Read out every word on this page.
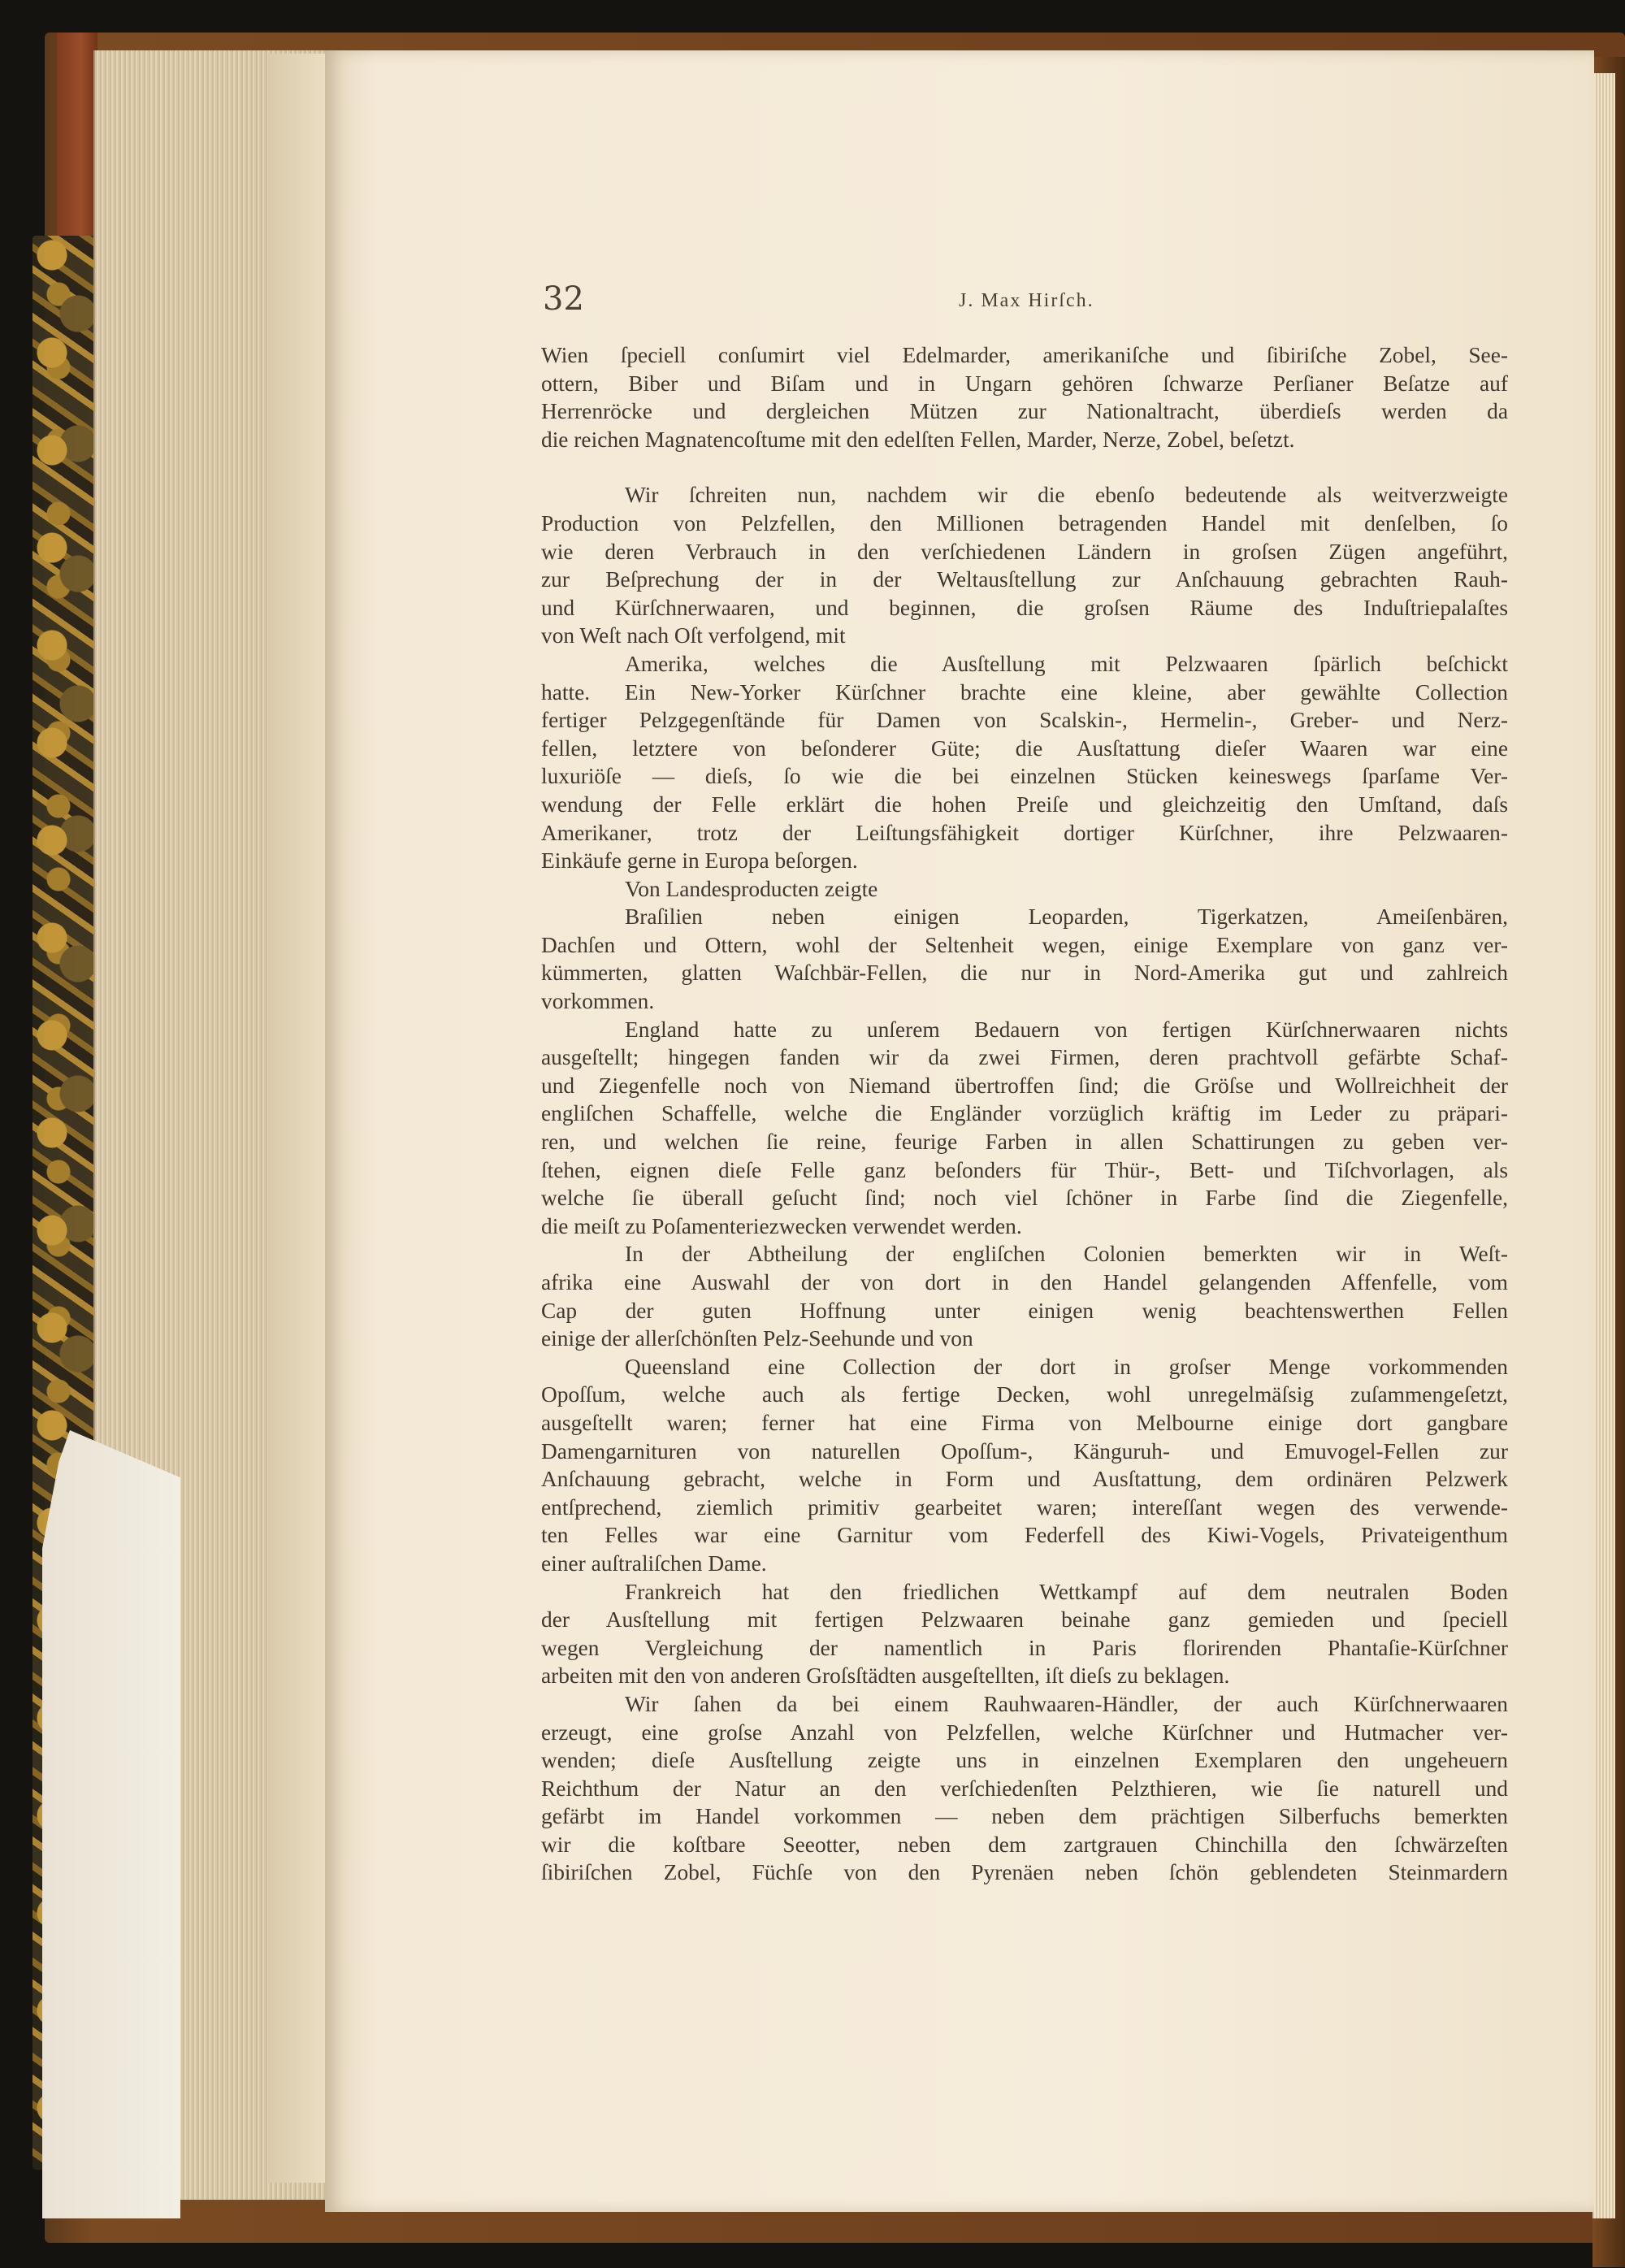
32	J. Max Hirſch.

Wien ſpeciell conſumirt viel Edelmarder, amerikaniſche und ſibiriſche Zobel, See-

ottern, Biber und Biſam und in Ungarn gehören ſchwarze Perſianer Beſatze auf

Herrenröcke und dergleichen Mützen zur Nationaltracht, überdieſs werden da

die reichen Magnatencoſtume mit den edelſten Fellen, Marder, Nerze, Zobel, beſetzt.

Wir ſchreiten nun, nachdem wir die ebenſo bedeutende als weitverzweigte

Production von Pelzfellen, den Millionen betragenden Handel mit denſelben, ſo

wie deren Verbrauch in den verſchiedenen Ländern in groſsen Zügen angeführt,

zur Beſprechung der in der Weltausſtellung zur Anſchauung gebrachten Rauh-

und Kürſchnerwaaren, und beginnen, die groſsen Räume des Induſtriepalaſtes

von Weſt nach Oſt verfolgend, mit

Amerika, welches die Ausſtellung mit Pelzwaaren ſpärlich beſchickt

hatte. Ein New-Yorker Kürſchner brachte eine kleine, aber gewählte Collection

fertiger Pelzgegenſtände für Damen von Scalskin-, Hermelin-, Greber- und Nerz-

fellen, letztere von beſonderer Güte; die Ausſtattung dieſer Waaren war eine

luxuriöſe — dieſs, ſo wie die bei einzelnen Stücken keineswegs ſparſame Ver-

wendung der Felle erklärt die hohen Preiſe und gleichzeitig den Umſtand, daſs

Amerikaner, trotz der Leiſtungsfähigkeit dortiger Kürſchner, ihre Pelzwaaren-

Einkäufe gerne in Europa beſorgen.

Von Landesproducten zeigte

Braſilien neben einigen Leoparden, Tigerkatzen, Ameiſenbären,

Dachſen und Ottern, wohl der Seltenheit wegen, einige Exemplare von ganz ver-

kümmerten, glatten Waſchbär-Fellen, die nur in Nord-Amerika gut und zahlreich

vorkommen.

England hatte zu unſerem Bedauern von fertigen Kürſchnerwaaren nichts

ausgeſtellt; hingegen fanden wir da zwei Firmen, deren prachtvoll gefärbte Schaf-

und Ziegenfelle noch von Niemand übertroffen ſind; die Gröſse und Wollreichheit der

engliſchen Schaffelle, welche die Engländer vorzüglich kräftig im Leder zu präpari-

ren, und welchen ſie reine, feurige Farben in allen Schattirungen zu geben ver-

ſtehen, eignen dieſe Felle ganz beſonders für Thür-, Bett- und Tiſchvorlagen, als

welche ſie überall geſucht ſind; noch viel ſchöner in Farbe ſind die Ziegenfelle,

die meiſt zu Poſamenteriezwecken verwendet werden.

In der Abtheilung der engliſchen Colonien bemerkten wir in Weſt-

afrika eine Auswahl der von dort in den Handel gelangenden Affenfelle, vom

Cap der guten Hoffnung unter einigen wenig beachtenswerthen Fellen

einige der allerſchönſten Pelz-Seehunde und von

Queensland eine Collection der dort in groſser Menge vorkommenden

Opoſſum, welche auch als fertige Decken, wohl unregelmäſsig zuſammengeſetzt,

ausgeſtellt waren; ferner hat eine Firma von Melbourne einige dort gangbare

Damengarnituren von naturellen Opoſſum-, Känguruh- und Emuvogel-Fellen zur

Anſchauung gebracht, welche in Form und Ausſtattung, dem ordinären Pelzwerk

entſprechend, ziemlich primitiv gearbeitet waren; intereſſant wegen des verwende-

ten Felles war eine Garnitur vom Federfell des Kiwi-Vogels, Privateigenthum

einer auſtraliſchen Dame.

Frankreich hat den friedlichen Wettkampf auf dem neutralen Boden

der Ausſtellung mit fertigen Pelzwaaren beinahe ganz gemieden und ſpeciell

wegen Vergleichung der namentlich in Paris florirenden Phantaſie-Kürſchner

arbeiten mit den von anderen Groſsſtädten ausgeſtellten, iſt dieſs zu beklagen.

Wir ſahen da bei einem Rauhwaaren-Händler, der auch Kürſchnerwaaren

erzeugt, eine groſse Anzahl von Pelzfellen, welche Kürſchner und Hutmacher ver-

wenden; dieſe Ausſtellung zeigte uns in einzelnen Exemplaren den ungeheuern

Reichthum der Natur an den verſchiedenſten Pelzthieren, wie ſie naturell und

gefärbt im Handel vorkommen — neben dem prächtigen Silberfuchs bemerkten

wir die koſtbare Seeotter, neben dem zartgrauen Chinchilla den ſchwärzeſten

ſibiriſchen Zobel, Füchſe von den Pyrenäen neben ſchön geblendeten Steinmardern
